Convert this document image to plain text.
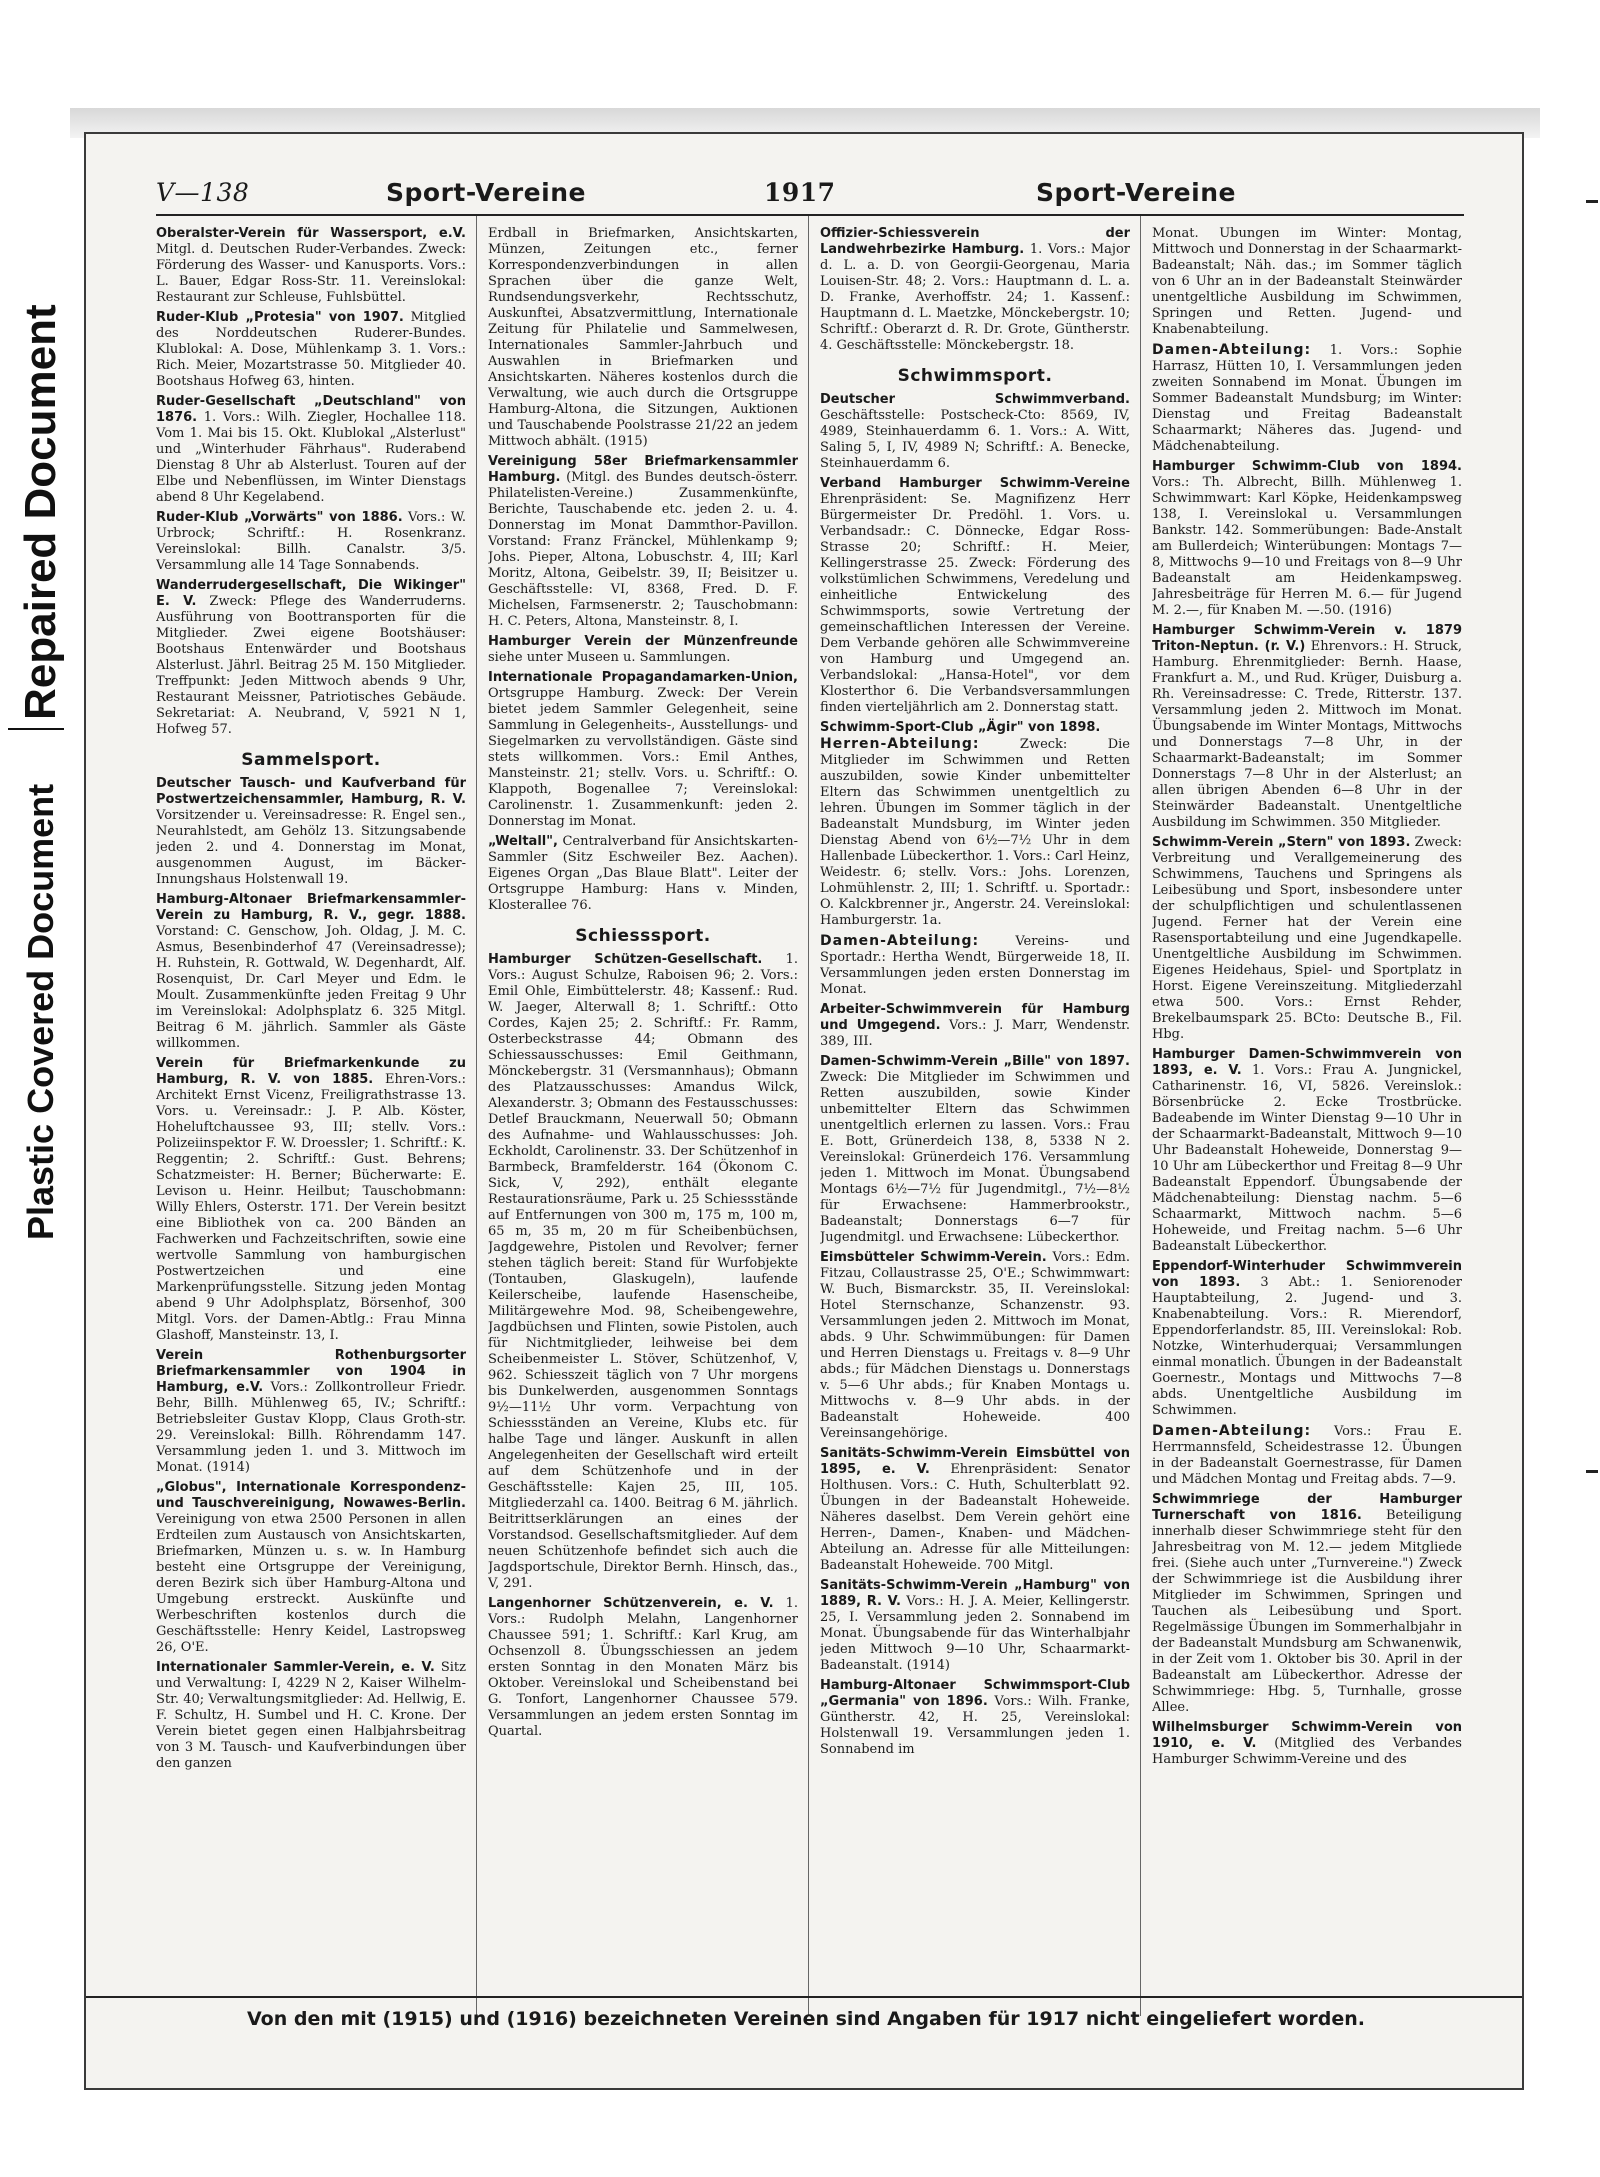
Repaired Document
Plastic Covered Document
V—138	Sport-Vereine	1917	Sport-Vereine

Oberalster-Verein für Wassersport, e.V. Mitgl. d. Deutschen Ruder-Verbandes. Zweck: Förderung des Wasser- und Kanusports. Vors.: L. Bauer, Edgar Ross-Str. 11. Vereinslokal: Restaurant zur Schleuse, Fuhlsbüttel.

Ruder-Klub „Protesia" von 1907. Mitglied des Norddeutschen Ruderer-Bundes. Klublokal: A. Dose, Mühlenkamp 3. 1. Vors.: Rich. Meier, Mozartstrasse 50. Mitglieder 40. Bootshaus Hofweg 63, hinten.

Ruder-Gesellschaft „Deutschland" von 1876. 1. Vors.: Wilh. Ziegler, Hochallee 118. Vom 1. Mai bis 15. Okt. Klublokal „Alsterlust" und „Winterhuder Fährhaus". Ruderabend Dienstag 8 Uhr ab Alsterlust. Touren auf der Elbe und Nebenflüssen, im Winter Dienstags abend 8 Uhr Kegelabend.

Ruder-Klub „Vorwärts" von 1886. Vors.: W. Urbrock; Schriftf.: H. Rosenkranz. Vereinslokal: Billh. Canalstr. 3/5. Versammlung alle 14 Tage Sonnabends.

Wanderrudergesellschaft, Die Wikinger" E. V. Zweck: Pflege des Wanderruderns. Ausführung von Boottransporten für die Mitglieder. Zwei eigene Bootshäuser: Bootshaus Entenwärder und Bootshaus Alsterlust. Jährl. Beitrag 25 M. 150 Mitglieder. Treffpunkt: Jeden Mittwoch abends 9 Uhr, Restaurant Meissner, Patriotisches Gebäude. Sekretariat: A. Neubrand, V, 5921 N 1, Hofweg 57.

Sammelsport.

Deutscher Tausch- und Kaufverband für Postwertzeichensammler, Hamburg, R. V. Vorsitzender u. Vereinsadresse: R. Engel sen., Neurahlstedt, am Gehölz 13. Sitzungsabende jeden 2. und 4. Donnerstag im Monat, ausgenommen August, im Bäcker-Innungshaus Holstenwall 19.

Hamburg-Altonaer Briefmarkensammler-Verein zu Hamburg, R. V., gegr. 1888. Vorstand: C. Genschow, Joh. Oldag, J. M. C. Asmus, Besenbinderhof 47 (Vereinsadresse); H. Ruhstein, R. Gottwald, W. Degenhardt, Alf. Rosenquist, Dr. Carl Meyer und Edm. le Moult. Zusammenkünfte jeden Freitag 9 Uhr im Vereinslokal: Adolphsplatz 6. 325 Mitgl. Beitrag 6 M. jährlich. Sammler als Gäste willkommen.

Verein für Briefmarkenkunde zu Hamburg, R. V. von 1885. Ehren-Vors.: Architekt Ernst Vicenz, Freiligrathstrasse 13. Vors. u. Vereinsadr.: J. P. Alb. Köster, Hoheluftchaussee 93, III; stellv. Vors.: Polizeiinspektor F. W. Droessler; 1. Schriftf.: K. Reggentin; 2. Schriftf.: Gust. Behrens; Schatzmeister: H. Berner; Bücherwarte: E. Levison u. Heinr. Heilbut; Tauschobmann: Willy Ehlers, Osterstr. 171. Der Verein besitzt eine Bibliothek von ca. 200 Bänden an Fachwerken und Fachzeitschriften, sowie eine wertvolle Sammlung von hamburgischen Postwertzeichen und eine Markenprüfungsstelle. Sitzung jeden Montag abend 9 Uhr Adolphsplatz, Börsenhof, 300 Mitgl. Vors. der Damen-Abtlg.: Frau Minna Glashoff, Mansteinstr. 13, I.

Verein Rothenburgsorter Briefmarkensammler von 1904 in Hamburg, e.V. Vors.: Zollkontrolleur Friedr. Behr, Billh. Mühlenweg 65, IV.; Schriftf.: Betriebsleiter Gustav Klopp, Claus Groth-str. 29. Vereinslokal: Billh. Röhrendamm 147. Versammlung jeden 1. und 3. Mittwoch im Monat. (1914)

„Globus", Internationale Korrespondenz- und Tauschvereinigung, Nowawes-Berlin. Vereinigung von etwa 2500 Personen in allen Erdteilen zum Austausch von Ansichtskarten, Briefmarken, Münzen u. s. w. In Hamburg besteht eine Ortsgruppe der Vereinigung, deren Bezirk sich über Hamburg-Altona und Umgebung erstreckt. Auskünfte und Werbeschriften kostenlos durch die Geschäftsstelle: Henry Keidel, Lastropsweg 26, O'E.

Internationaler Sammler-Verein, e. V. Sitz und Verwaltung: I, 4229 N 2, Kaiser Wilhelm-Str. 40; Verwaltungsmitglieder: Ad. Hellwig, E. F. Schultz, H. Sumbel und H. C. Krone. Der Verein bietet gegen einen Halbjahrsbeitrag von 3 M. Tausch- und Kaufverbindungen über den ganzen

Erdball in Briefmarken, Ansichtskarten, Münzen, Zeitungen etc., ferner Korrespondenzverbindungen in allen Sprachen über die ganze Welt, Rundsendungsverkehr, Rechtsschutz, Auskunftei, Absatzvermittlung, Internationale Zeitung für Philatelie und Sammelwesen, Internationales Sammler-Jahrbuch und Auswahlen in Briefmarken und Ansichtskarten. Näheres kostenlos durch die Verwaltung, wie auch durch die Ortsgruppe Hamburg-Altona, die Sitzungen, Auktionen und Tauschabende Poolstrasse 21/22 an jedem Mittwoch abhält. (1915)

Vereinigung 58er Briefmarkensammler Hamburg. (Mitgl. des Bundes deutsch-österr. Philatelisten-Vereine.) Zusammenkünfte, Berichte, Tauschabende etc. jeden 2. u. 4. Donnerstag im Monat Dammthor-Pavillon. Vorstand: Franz Fränckel, Mühlenkamp 9; Johs. Pieper, Altona, Lobuschstr. 4, III; Karl Moritz, Altona, Geibelstr. 39, II; Beisitzer u. Geschäftsstelle: VI, 8368, Fred. D. F. Michelsen, Farmsenerstr. 2; Tauschobmann: H. C. Peters, Altona, Mansteinstr. 8, I.

Hamburger Verein der Münzenfreunde siehe unter Museen u. Sammlungen.

Internationale Propagandamarken-Union, Ortsgruppe Hamburg. Zweck: Der Verein bietet jedem Sammler Gelegenheit, seine Sammlung in Gelegenheits-, Ausstellungs- und Siegelmarken zu vervollständigen. Gäste sind stets willkommen. Vors.: Emil Anthes, Mansteinstr. 21; stellv. Vors. u. Schriftf.: O. Klappoth, Bogenallee 7; Vereinslokal: Carolinenstr. 1. Zusammenkunft: jeden 2. Donnerstag im Monat.

„Weltall", Centralverband für Ansichtskarten-Sammler (Sitz Eschweiler Bez. Aachen). Eigenes Organ „Das Blaue Blatt". Leiter der Ortsgruppe Hamburg: Hans v. Minden, Klosterallee 76.

Schiesssport.

Hamburger Schützen-Gesellschaft. 1. Vors.: August Schulze, Raboisen 96; 2. Vors.: Emil Ohle, Eimbüttelerstr. 48; Kassenf.: Rud. W. Jaeger, Alterwall 8; 1. Schriftf.: Otto Cordes, Kajen 25; 2. Schriftf.: Fr. Ramm, Osterbeckstrasse 44; Obmann des Schiessausschusses: Emil Geithmann, Mönckebergstr. 31 (Versmannhaus); Obmann des Platzausschusses: Amandus Wilck, Alexanderstr. 3; Obmann des Festausschusses: Detlef Brauckmann, Neuerwall 50; Obmann des Aufnahme- und Wahlausschusses: Joh. Eckholdt, Carolinenstr. 33. Der Schützenhof in Barmbeck, Bramfelderstr. 164 (Ökonom C. Sick, V, 292), enthält elegante Restaurationsräume, Park u. 25 Schiessstände auf Entfernungen von 300 m, 175 m, 100 m, 65 m, 35 m, 20 m für Scheibenbüchsen, Jagdgewehre, Pistolen und Revolver; ferner stehen täglich bereit: Stand für Wurfobjekte (Tontauben, Glaskugeln), laufende Keilerscheibe, laufende Hasenscheibe, Militärgewehre Mod. 98, Scheibengewehre, Jagdbüchsen und Flinten, sowie Pistolen, auch für Nichtmitglieder, leihweise bei dem Scheibenmeister L. Stöver, Schützenhof, V, 962. Schiesszeit täglich von 7 Uhr morgens bis Dunkelwerden, ausgenommen Sonntags 9½—11½ Uhr vorm. Verpachtung von Schiessständen an Vereine, Klubs etc. für halbe Tage und länger. Auskunft in allen Angelegenheiten der Gesellschaft wird erteilt auf dem Schützenhofe und in der Geschäftsstelle: Kajen 25, III, 105. Mitgliederzahl ca. 1400. Beitrag 6 M. jährlich. Beitrittserklärungen an eines der Vorstandsod. Gesellschaftsmitglieder. Auf dem neuen Schützenhofe befindet sich auch die Jagdsportschule, Direktor Bernh. Hinsch, das., V, 291.

Langenhorner Schützenverein, e. V. 1. Vors.: Rudolph Melahn, Langenhorner Chaussee 591; 1. Schriftf.: Karl Krug, am Ochsenzoll 8. Übungsschiessen an jedem ersten Sonntag in den Monaten März bis Oktober. Vereinslokal und Scheibenstand bei G. Tonfort, Langenhorner Chaussee 579. Versammlungen an jedem ersten Sonntag im Quartal.

Offizier-Schiessverein der Landwehrbezirke Hamburg. 1. Vors.: Major d. L. a. D. von Georgii-Georgenau, Maria Louisen-Str. 48; 2. Vors.: Hauptmann d. L. a. D. Franke, Averhoffstr. 24; 1. Kassenf.: Hauptmann d. L. Maetzke, Mönckebergstr. 10; Schriftf.: Oberarzt d. R. Dr. Grote, Güntherstr. 4. Geschäftsstelle: Mönckebergstr. 18.

Schwimmsport.

Deutscher Schwimmverband. Geschäftsstelle: Postscheck-Cto: 8569, IV, 4989, Steinhauerdamm 6. 1. Vors.: A. Witt, Saling 5, I, IV, 4989 N; Schriftf.: A. Benecke, Steinhauerdamm 6.

Verband Hamburger Schwimm-Vereine Ehrenpräsident: Se. Magnifizenz Herr Bürgermeister Dr. Predöhl. 1. Vors. u. Verbandsadr.: C. Dönnecke, Edgar Ross-Strasse 20; Schriftf.: H. Meier, Kellingerstrasse 25. Zweck: Förderung des volkstümlichen Schwimmens, Veredelung und einheitliche Entwickelung des Schwimmsports, sowie Vertretung der gemeinschaftlichen Interessen der Vereine. Dem Verbande gehören alle Schwimmvereine von Hamburg und Umgegend an. Verbandslokal: „Hansa-Hotel", vor dem Klosterthor 6. Die Verbandsversammlungen finden vierteljährlich am 2. Donnerstag statt.

Schwimm-Sport-Club „Ägir" von 1898.
Herren-Abteilung:	Zweck: Die Mitglieder im Schwimmen und Retten auszubilden, sowie Kinder unbemittelter Eltern das Schwimmen unentgeltlich zu lehren. Übungen im Sommer täglich in der Badeanstalt Mundsburg, im Winter jeden Dienstag Abend von 6½—7½ Uhr in dem Hallenbade Lübeckerthor. 1. Vors.: Carl Heinz, Weidestr. 6; stellv. Vors.: Johs. Lorenzen, Lohmühlenstr. 2, III; 1. Schriftf. u. Sportadr.: O. Kalckbrenner jr., Angerstr. 24. Vereinslokal: Hamburgerstr. 1a.

Damen-Abteilung:	Vereins- und Sportadr.: Hertha Wendt, Bürgerweide 18, II. Versammlungen jeden ersten Donnerstag im Monat.

Arbeiter-Schwimmverein für Hamburg und Umgegend. Vors.: J. Marr, Wendenstr. 389, III.

Damen-Schwimm-Verein „Bille" von 1897. Zweck: Die Mitglieder im Schwimmen und Retten auszubilden, sowie Kinder unbemittelter Eltern das Schwimmen unentgeltlich erlernen zu lassen. Vors.: Frau E. Bott, Grünerdeich 138, 8, 5338 N 2. Vereinslokal: Grünerdeich 176. Versammlung jeden 1. Mittwoch im Monat. Übungsabend Montags 6½—7½ für Jugendmitgl., 7½—8½ für Erwachsene: Hammerbrookstr., Badeanstalt; Donnerstags 6—7 für Jugendmitgl. und Erwachsene: Lübeckerthor.

Eimsbütteler Schwimm-Verein. Vors.: Edm. Fitzau, Collaustrasse 25, O'E.; Schwimmwart: W. Buch, Bismarckstr. 35, II. Vereinslokal: Hotel Sternschanze, Schanzenstr. 93. Versammlungen jeden 2. Mittwoch im Monat, abds. 9 Uhr. Schwimmübungen: für Damen und Herren Dienstags u. Freitags v. 8—9 Uhr abds.; für Mädchen Dienstags u. Donnerstags v. 5—6 Uhr abds.; für Knaben Montags u. Mittwochs v. 8—9 Uhr abds. in der Badeanstalt Hoheweide. 400 Vereinsangehörige.

Sanitäts-Schwimm-Verein Eimsbüttel von 1895, e. V. Ehrenpräsident: Senator Holthusen. Vors.: C. Huth, Schulterblatt 92. Übungen in der Badeanstalt Hoheweide. Näheres daselbst. Dem Verein gehört eine Herren-, Damen-, Knaben- und Mädchen-Abteilung an. Adresse für alle Mitteilungen: Badeanstalt Hoheweide. 700 Mitgl.

Sanitäts-Schwimm-Verein „Hamburg" von 1889, R. V. Vors.: H. J. A. Meier, Kellingerstr. 25, I. Versammlung jeden 2. Sonnabend im Monat. Übungsabende für das Winterhalbjahr jeden Mittwoch 9—10 Uhr, Schaarmarkt-Badeanstalt. (1914)

Hamburg-Altonaer Schwimmsport-Club „Germania" von 1896. Vors.: Wilh. Franke, Güntherstr. 42, H. 25, Vereinslokal: Holstenwall 19. Versammlungen jeden 1. Sonnabend im

Monat. Übungen im Winter: Montag, Mittwoch und Donnerstag in der Schaarmarkt-Badeanstalt; Näh. das.; im Sommer täglich von 6 Uhr an in der Badeanstalt Steinwärder unentgeltliche Ausbildung im Schwimmen, Springen und Retten. Jugend- und Knabenabteilung.

Damen-Abteilung: 1. Vors.: Sophie Harrasz, Hütten 10, I. Versammlungen jeden zweiten Sonnabend im Monat. Übungen im Sommer Badeanstalt Mundsburg; im Winter: Dienstag und Freitag Badeanstalt Schaarmarkt; Näheres das. Jugend- und Mädchenabteilung.

Hamburger Schwimm-Club von 1894. Vors.: Th. Albrecht, Billh. Mühlenweg 1. Schwimmwart: Karl Köpke, Heidenkampsweg 138, I. Vereinslokal u. Versammlungen Bankstr. 142. Sommerübungen: Bade-Anstalt am Bullerdeich; Winterübungen: Montags 7—8, Mittwochs 9—10 und Freitags von 8—9 Uhr Badeanstalt am Heidenkampsweg. Jahresbeiträge für Herren M. 6.— für Jugend M. 2.—, für Knaben M. —.50. (1916)

Hamburger Schwimm-Verein v. 1879 Triton-Neptun. (r. V.) Ehrenvors.: H. Struck, Hamburg. Ehrenmitglieder: Bernh. Haase, Frankfurt a. M., und Rud. Krüger, Duisburg a. Rh. Vereinsadresse: C. Trede, Ritterstr. 137. Versammlung jeden 2. Mittwoch im Monat. Übungsabende im Winter Montags, Mittwochs und Donnerstags 7—8 Uhr, in der Schaarmarkt-Badeanstalt; im Sommer Donnerstags 7—8 Uhr in der Alsterlust; an allen übrigen Abenden 6—8 Uhr in der Steinwärder Badeanstalt. Unentgeltliche Ausbildung im Schwimmen. 350 Mitglieder.

Schwimm-Verein „Stern" von 1893. Zweck: Verbreitung und Verallgemeinerung des Schwimmens, Tauchens und Springens als Leibesübung und Sport, insbesondere unter der schulpflichtigen und schulentlassenen Jugend. Ferner hat der Verein eine Rasensportabteilung und eine Jugendkapelle. Unentgeltliche Ausbildung im Schwimmen. Eigenes Heidehaus, Spiel- und Sportplatz in Horst. Eigene Vereinszeitung. Mitgliederzahl etwa 500. Vors.: Ernst Rehder, Brekelbaumspark 25. BCto: Deutsche B., Fil. Hbg.

Hamburger Damen-Schwimmverein von 1893, e. V. 1. Vors.: Frau A. Jungnickel, Catharinenstr. 16, VI, 5826. Vereinslok.: Börsenbrücke 2. Ecke Trostbrücke. Badeabende im Winter Dienstag 9—10 Uhr in der Schaarmarkt-Badeanstalt, Mittwoch 9—10 Uhr Badeanstalt Hoheweide, Donnerstag 9—10 Uhr am Lübeckerthor und Freitag 8—9 Uhr Badeanstalt Eppendorf. Übungsabende der Mädchenabteilung: Dienstag nachm. 5—6 Schaarmarkt, Mittwoch nachm. 5—6 Hoheweide, und Freitag nachm. 5—6 Uhr Badeanstalt Lübeckerthor.

Eppendorf-Winterhuder Schwimmverein von 1893. 3 Abt.: 1. Seniorenoder Hauptabteilung, 2. Jugend- und 3. Knabenabteilung. Vors.: R. Mierendorf, Eppendorferlandstr. 85, III. Vereinslokal: Rob. Notzke, Winterhuderquai; Versammlungen einmal monatlich. Übungen in der Badeanstalt Goernestr., Montags und Mittwochs 7—8 abds. Unentgeltliche Ausbildung im Schwimmen.

Damen-Abteilung: Vors.: Frau E. Herrmannsfeld, Scheidestrasse 12. Übungen in der Badeanstalt Goernestrasse, für Damen und Mädchen Montag und Freitag abds. 7—9.

Schwimmriege der Hamburger Turnerschaft von 1816. Beteiligung innerhalb dieser Schwimmriege steht für den Jahresbeitrag von M. 12.— jedem Mitgliede frei. (Siehe auch unter „Turnvereine.") Zweck der Schwimmriege ist die Ausbildung ihrer Mitglieder im Schwimmen, Springen und Tauchen als Leibesübung und Sport. Regelmässige Übungen im Sommerhalbjahr in der Badeanstalt Mundsburg am Schwanenwik, in der Zeit vom 1. Oktober bis 30. April in der Badeanstalt am Lübeckerthor. Adresse der Schwimmriege: Hbg. 5, Turnhalle, grosse Allee.

Wilhelmsburger Schwimm-Verein von 1910, e. V. (Mitglied des Verbandes Hamburger Schwimm-Vereine und des

Von den mit (1915) und (1916) bezeichneten Vereinen sind Angaben für 1917 nicht eingeliefert worden.
